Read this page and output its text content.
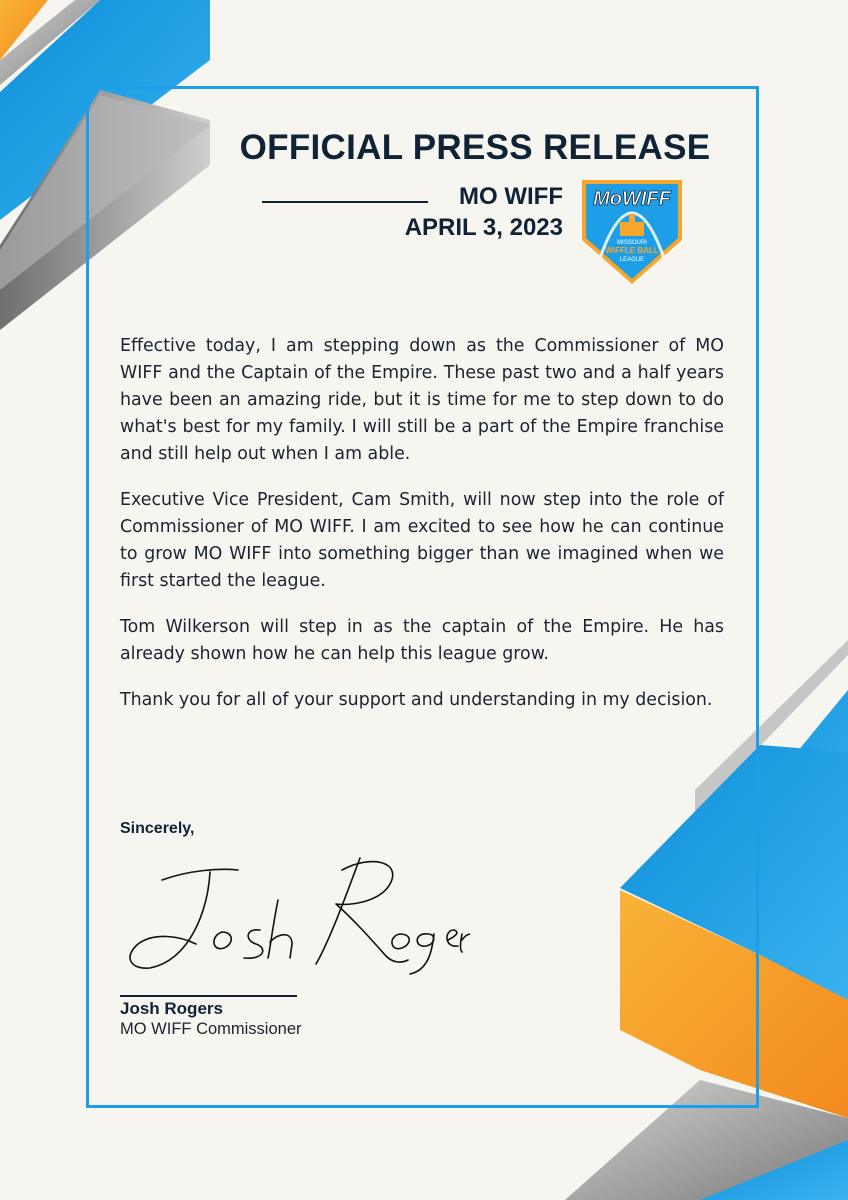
OFFICIAL PRESS RELEASE
MO WIFF
APRIL 3, 2023
MoWIFF
MISSOURI
WIFFLE BALL
LEAGUE

Effective today, I am stepping down as the Commissioner of MO WIFF and the Captain of the Empire. These past two and a half years have been an amazing ride, but it is time for me to step down to do what's best for my family. I will still be a part of the Empire franchise and still help out when I am able.

Executive Vice President, Cam Smith, will now step into the role of Commissioner of MO WIFF. I am excited to see how he can continue to grow MO WIFF into something bigger than we imagined when we first started the league.

Tom Wilkerson will step in as the captain of the Empire. He has already shown how he can help this league grow.

Thank you for all of your support and understanding in my decision.

Sincerely,
Josh Rogers
MO WIFF Commissioner
